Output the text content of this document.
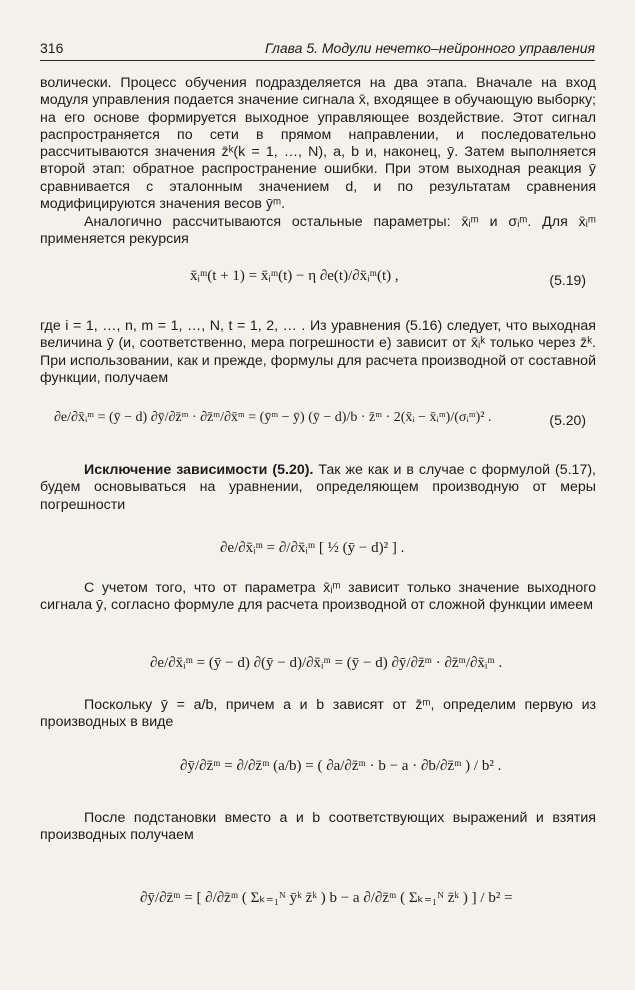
316	Глава 5. Модули нечетко–нейронного управления

волически. Процесс обучения подразделяется на два этапа. Вначале на вход модуля управления подается значение сигнала x̄, входящее в обучающую выборку; на его основе формируется выходное управляющее воздействие. Этот сигнал распространяется по сети в прямом направлении, и последовательно рассчитываются значения z̄ᵏ(k = 1, …, N), a, b и, наконец, ȳ. Затем выполняется второй этап: обратное распространение ошибки. При этом выходная реакция ȳ сравнивается с эталонным значением d, и по результатам сравнения модифицируются значения весов ȳᵐ.

Аналогично рассчитываются остальные параметры: x̄ᵢᵐ и σᵢᵐ. Для x̄ᵢᵐ применяется рекурсия

x̄ᵢᵐ(t + 1) = x̄ᵢᵐ(t) − η ∂e(t)/∂x̄ᵢᵐ(t) ,	(5.19)

где i = 1, …, n, m = 1, …, N, t = 1, 2, … . Из уравнения (5.16) следует, что выходная величина ȳ (и, соответственно, мера погрешности e) зависит от x̄ᵢᵏ только через z̄ᵏ. При использовании, как и прежде, формулы для расчета производной от составной функции, получаем

∂e/∂x̄ᵢᵐ = (ȳ − d) ∂ȳ/∂z̄ᵐ · ∂z̄ᵐ/∂x̄ᵐ = (ȳᵐ − ȳ) (ȳ − d)/b · z̄ᵐ · 2(x̄ᵢ − x̄ᵢᵐ)/(σᵢᵐ)² .	(5.20)

Исключение зависимости (5.20). Так же как и в случае с формулой (5.17), будем основываться на уравнении, определяющем производную от меры погрешности

∂e/∂x̄ᵢᵐ = ∂/∂x̄ᵢᵐ [ ½ (ȳ − d)² ] .

С учетом того, что от параметра x̄ᵢᵐ зависит только значение выходного сигнала ȳ, согласно формуле для расчета производной от сложной функции имеем

∂e/∂x̄ᵢᵐ = (ȳ − d) ∂(ȳ − d)/∂x̄ᵢᵐ = (ȳ − d) ∂ȳ/∂z̄ᵐ · ∂z̄ᵐ/∂x̄ᵢᵐ .

Поскольку ȳ = a/b, причем a и b зависят от z̄ᵐ, определим первую из производных в виде

∂ȳ/∂z̄ᵐ = ∂/∂z̄ᵐ (a/b) = ( ∂a/∂z̄ᵐ · b − a · ∂b/∂z̄ᵐ ) / b² .

После подстановки вместо a и b соответствующих выражений и взятия производных получаем

∂ȳ/∂z̄ᵐ = [ ∂/∂z̄ᵐ ( Σₖ₌₁ᴺ ȳᵏ z̄ᵏ ) b − a ∂/∂z̄ᵐ ( Σₖ₌₁ᴺ z̄ᵏ ) ] / b² =
